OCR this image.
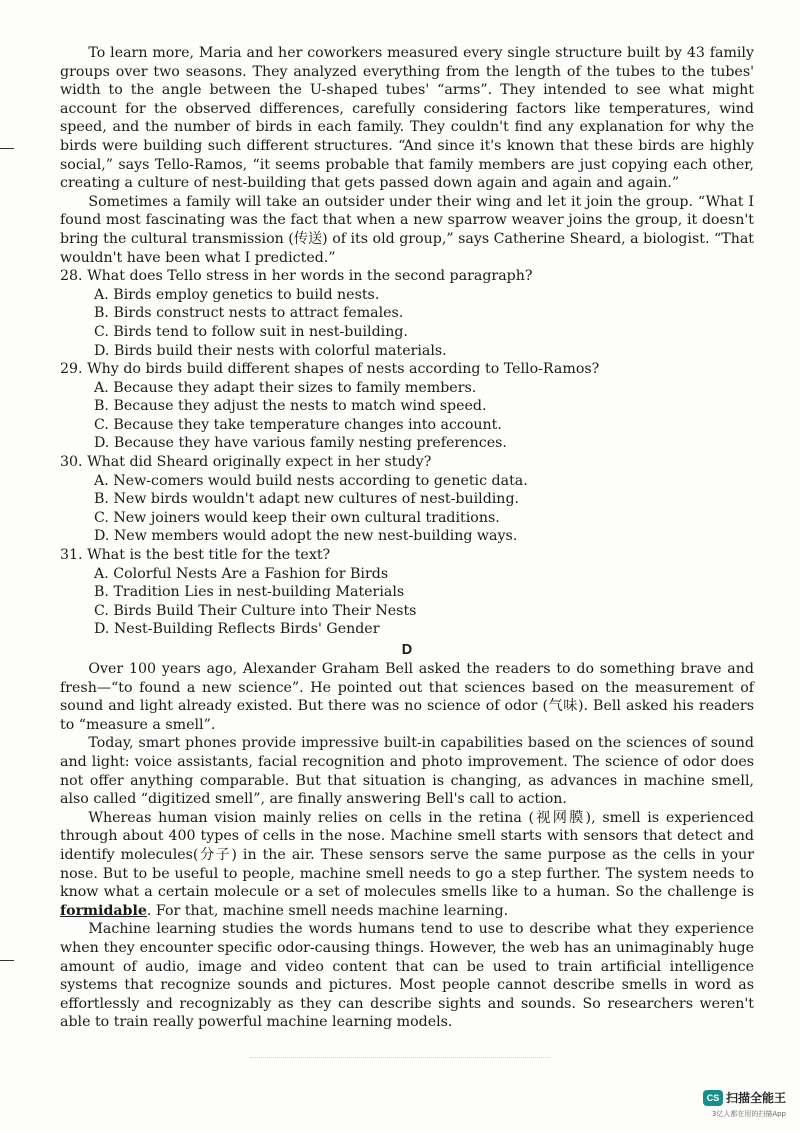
To learn more, Maria and her coworkers measured every single structure built by 43 family groups over two seasons. They analyzed everything from the length of the tubes to the tubes' width to the angle between the U-shaped tubes' “arms”. They intended to see what might account for the observed differences, carefully considering factors like temperatures, wind speed, and the number of birds in each family. They couldn't find any explanation for why the birds were building such different structures. “And since it's known that these birds are highly social,” says Tello-Ramos, “it seems probable that family members are just copying each other, creating a culture of nest-building that gets passed down again and again and again.”

Sometimes a family will take an outsider under their wing and let it join the group. “What I found most fascinating was the fact that when a new sparrow weaver joins the group, it doesn't bring the cultural transmission (传送) of its old group,” says Catherine Sheard, a biologist. “That wouldn't have been what I predicted.”

28. What does Tello stress in her words in the second paragraph?

A. Birds employ genetics to build nests.

B. Birds construct nests to attract females.

C. Birds tend to follow suit in nest-building.

D. Birds build their nests with colorful materials.

29. Why do birds build different shapes of nests according to Tello-Ramos?

A. Because they adapt their sizes to family members.

B. Because they adjust the nests to match wind speed.

C. Because they take temperature changes into account.

D. Because they have various family nesting preferences.

30. What did Sheard originally expect in her study?

A. New-comers would build nests according to genetic data.

B. New birds wouldn't adapt new cultures of nest-building.

C. New joiners would keep their own cultural traditions.

D. New members would adopt the new nest-building ways.

31. What is the best title for the text?

A. Colorful Nests Are a Fashion for Birds

B. Tradition Lies in nest-building Materials

C. Birds Build Their Culture into Their Nests

D. Nest-Building Reflects Birds' Gender

D

Over 100 years ago, Alexander Graham Bell asked the readers to do something brave and fresh—“to found a new science”. He pointed out that sciences based on the measurement of sound and light already existed. But there was no science of odor (气味). Bell asked his readers to “measure a smell”.

Today, smart phones provide impressive built-in capabilities based on the sciences of sound and light: voice assistants, facial recognition and photo improvement. The science of odor does not offer anything comparable. But that situation is changing, as advances in machine smell, also called “digitized smell”, are finally answering Bell's call to action.

Whereas human vision mainly relies on cells in the retina (视网膜), smell is experienced through about 400 types of cells in the nose. Machine smell starts with sensors that detect and identify molecules(分子) in the air. These sensors serve the same purpose as the cells in your nose. But to be useful to people, machine smell needs to go a step further. The system needs to know what a certain molecule or a set of molecules smells like to a human. So the challenge is formidable. For that, machine smell needs machine learning.

Machine learning studies the words humans tend to use to describe what they experience when they encounter specific odor-causing things. However, the web has an unimaginably huge amount of audio, image and video content that can be used to train artificial intelligence systems that recognize sounds and pictures. Most people cannot describe smells in word as effortlessly and recognizably as they can describe sights and sounds. So researchers weren't able to train really powerful machine learning models.

CS 扫描全能王
3亿人都在用的扫描App
